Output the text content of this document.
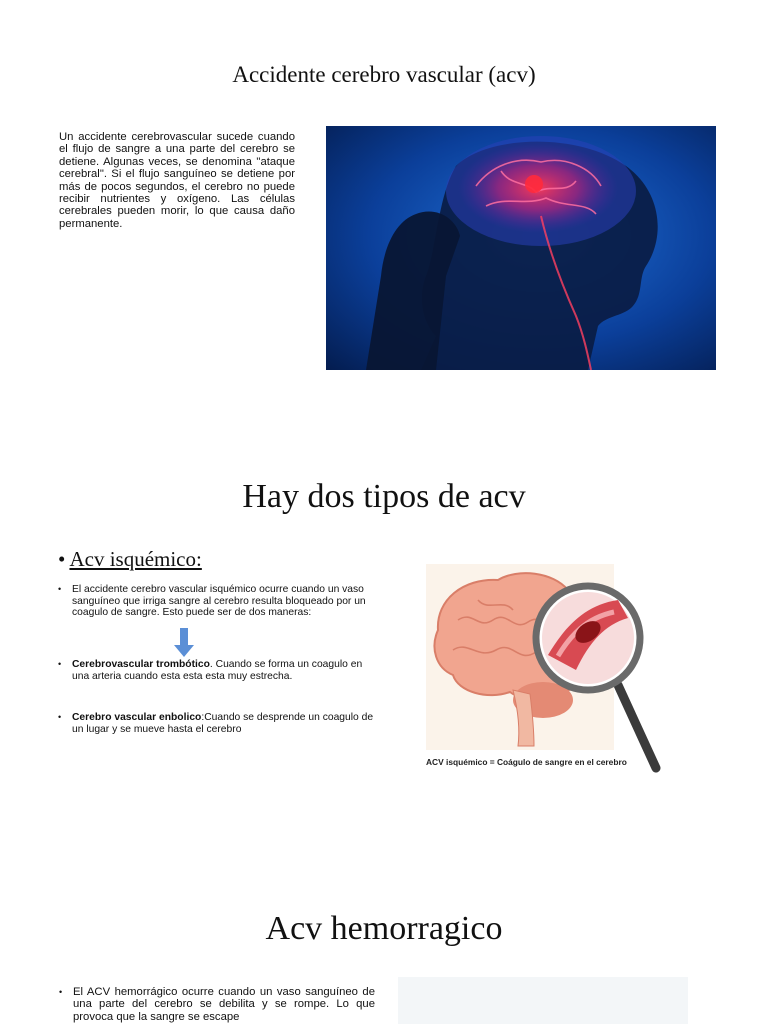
Accidente cerebro vascular (acv)
Un accidente cerebrovascular sucede cuando el flujo de sangre a una parte del cerebro se detiene. Algunas veces, se denomina "ataque cerebral". Si el flujo sanguíneo se detiene por más de pocos segundos, el cerebro no puede recibir nutrientes y oxígeno. Las células cerebrales pueden morir, lo que causa daño permanente.
Hay dos tipos de acv
• Acv isquémico:
• El accidente cerebro vascular isquémico ocurre cuando un vaso sanguíneo que irriga sangre al cerebro resulta bloqueado por un coagulo de sangre. Esto puede ser de dos maneras:
• Cerebrovascular trombótico. Cuando se forma un coagulo en una arteria cuando esta esta esta muy estrecha.
• Cerebro vascular enbolico:Cuando se desprende un coagulo de un lugar y se mueve hasta el cerebro
ACV isquémico = Coágulo de sangre en el cerebro
Acv hemorragico
• El ACV hemorrágico ocurre cuando un vaso sanguíneo de una parte del cerebro se debilita y se rompe. Lo que provoca que la sangre se escape
